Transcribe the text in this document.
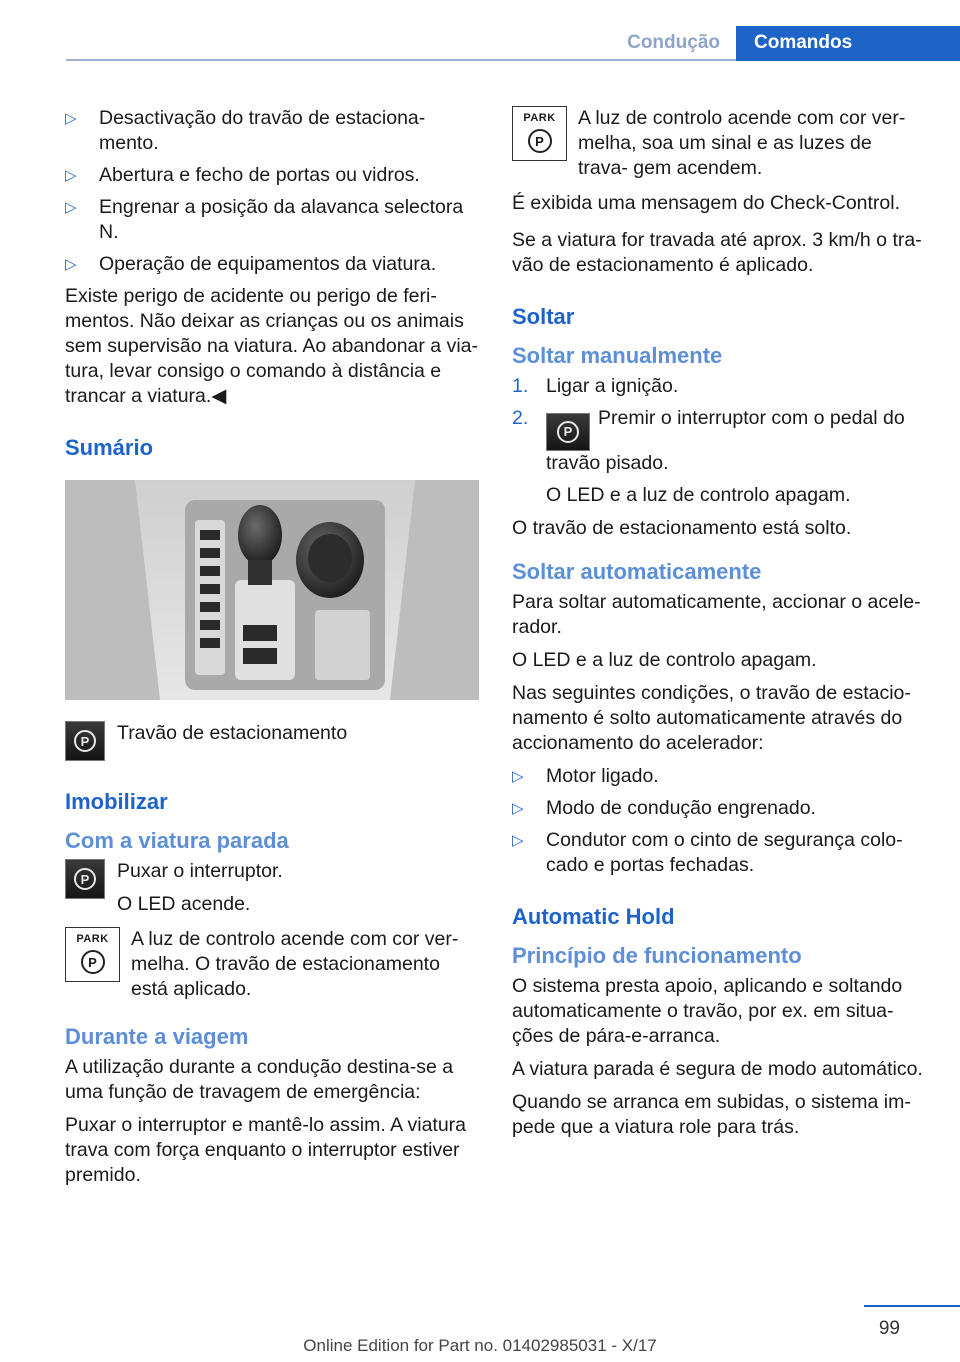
Condução	Comandos
▷ Desactivação do travão de estaciona‐ mento.
▷ Abertura e fecho de portas ou vidros.
▷ Engrenar a posição da alavanca selectora N.
▷ Operação de equipamentos da viatura.

Existe perigo de acidente ou perigo de feri‐ mentos. Não deixar as crianças ou os animais sem supervisão na viatura. Ao abandonar a via‐ tura, levar consigo o comando à distância e trancar a viatura.◀

Sumário
P	Travão de estacionamento
Imobilizar
Com a viatura parada
P	Puxar o interruptor.
O LED acende.
PARK
P
A luz de controlo acende com cor ver‐ melha. O travão de estacionamento está aplicado.
Durante a viagem

A utilização durante a condução destina-se a uma função de travagem de emergência:

Puxar o interruptor e mantê-lo assim. A viatura trava com força enquanto o interruptor estiver premido.

PARK
P
A luz de controlo acende com cor ver‐ melha, soa um sinal e as luzes de trava‐ gem acendem.

É exibida uma mensagem do Check-Control.

Se a viatura for travada até aprox. 3 km/h o tra‐ vão de estacionamento é aplicado.

Soltar
Soltar manualmente
1. Ligar a ignição.
2.
P
Premir o interruptor com o pedal do travão pisado.

O LED e a luz de controlo apagam.

O travão de estacionamento está solto.

Soltar automaticamente

Para soltar automaticamente, accionar o acele‐ rador.

O LED e a luz de controlo apagam.

Nas seguintes condições, o travão de estacio‐ namento é solto automaticamente através do accionamento do acelerador:

▷ Motor ligado.
▷ Modo de condução engrenado.
▷ Condutor com o cinto de segurança colo‐ cado e portas fechadas.
Automatic Hold
Princípio de funcionamento

O sistema presta apoio, aplicando e soltando automaticamente o travão, por ex. em situa‐ ções de pára-e-arranca.

A viatura parada é segura de modo automático.

Quando se arranca em subidas, o sistema im‐ pede que a viatura role para trás.

99
Online Edition for Part no. 01402985031 - X/17
